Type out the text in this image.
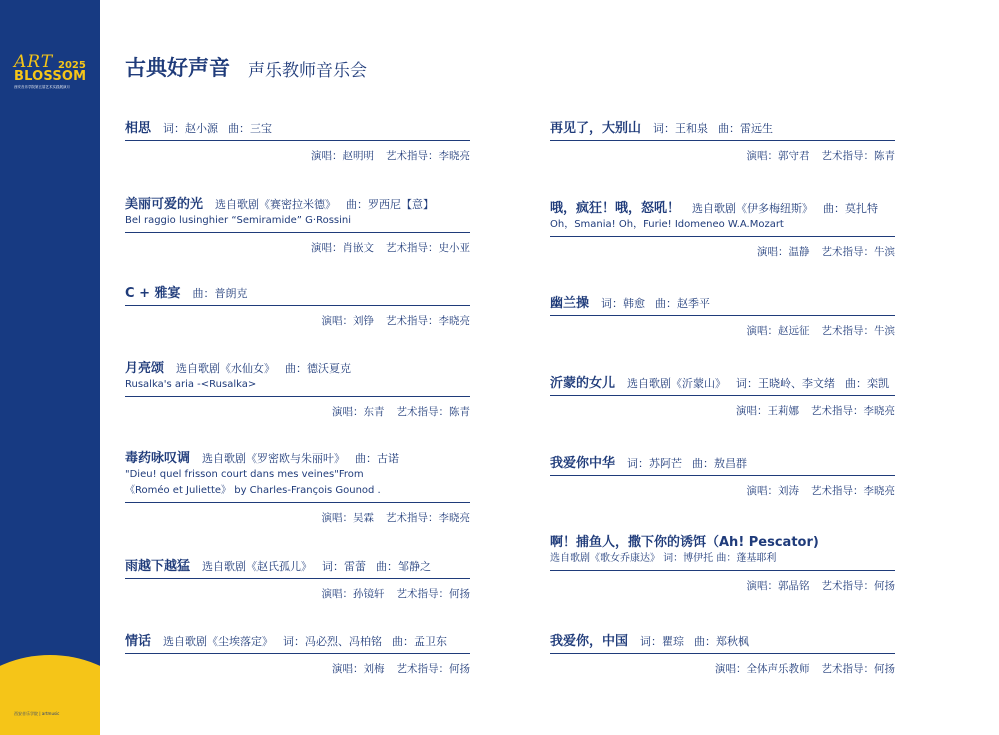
ART 2025
BLOSSOM
西安音乐学院第五届艺术实践展演月
西安音乐学院 | artmusic
古典好声音 声乐教师音乐会
相思 词：赵小源 曲：三宝
演唱：赵明明 艺术指导：李晓亮
美丽可爱的光 选自歌剧《赛密拉米德》 曲：罗西尼【意】
Bel raggio lusinghier “Semiramide” G·Rossini
演唱：肖嵌文 艺术指导：史小亚
C + 雅宴 曲：普朗克
演唱：刘铮 艺术指导：李晓亮
月亮颂 选自歌剧《水仙女》 曲：德沃夏克
Rusalka's aria -<Rusalka>
演唱：东青 艺术指导：陈青
毒药咏叹调 选自歌剧《罗密欧与朱丽叶》 曲：古诺
"Dieu! quel frisson court dans mes veines"From
《Roméo et Juliette》 by Charles-François Gounod .
演唱：吴霖 艺术指导：李晓亮
雨越下越猛 选自歌剧《赵氏孤儿》 词：雷蕾 曲：邹静之
演唱：孙镜轩 艺术指导：何扬
情话 选自歌剧《尘埃落定》 词：冯必烈、冯柏铭 曲：孟卫东
演唱：刘梅 艺术指导：何扬
再见了，大别山 词：王和泉 曲：雷远生
演唱：郭守君 艺术指导：陈青
哦，疯狂！哦，怒吼！ 选自歌剧《伊多梅纽斯》 曲：莫扎特
Oh，Smania! Oh，Furie! Idomeneo W.A.Mozart
演唱：温静 艺术指导：牛滨
幽兰操 词：韩愈 曲：赵季平
演唱：赵远征 艺术指导：牛滨
沂蒙的女儿 选自歌剧《沂蒙山》 词：王晓岭、李文绪 曲：栾凯
演唱：王莉娜 艺术指导：李晓亮
我爱你中华 词：苏阿芒 曲：敖昌群
演唱：刘涛 艺术指导：李晓亮
啊！捕鱼人，撒下你的诱饵（Ah! Pescator)
选自歌剧《歌女乔康达》 词：博伊托 曲：蓬基耶利
演唱：郭晶铭 艺术指导：何扬
我爱你，中国 词：瞿琮 曲：郑秋枫
演唱：全体声乐教师 艺术指导：何扬
